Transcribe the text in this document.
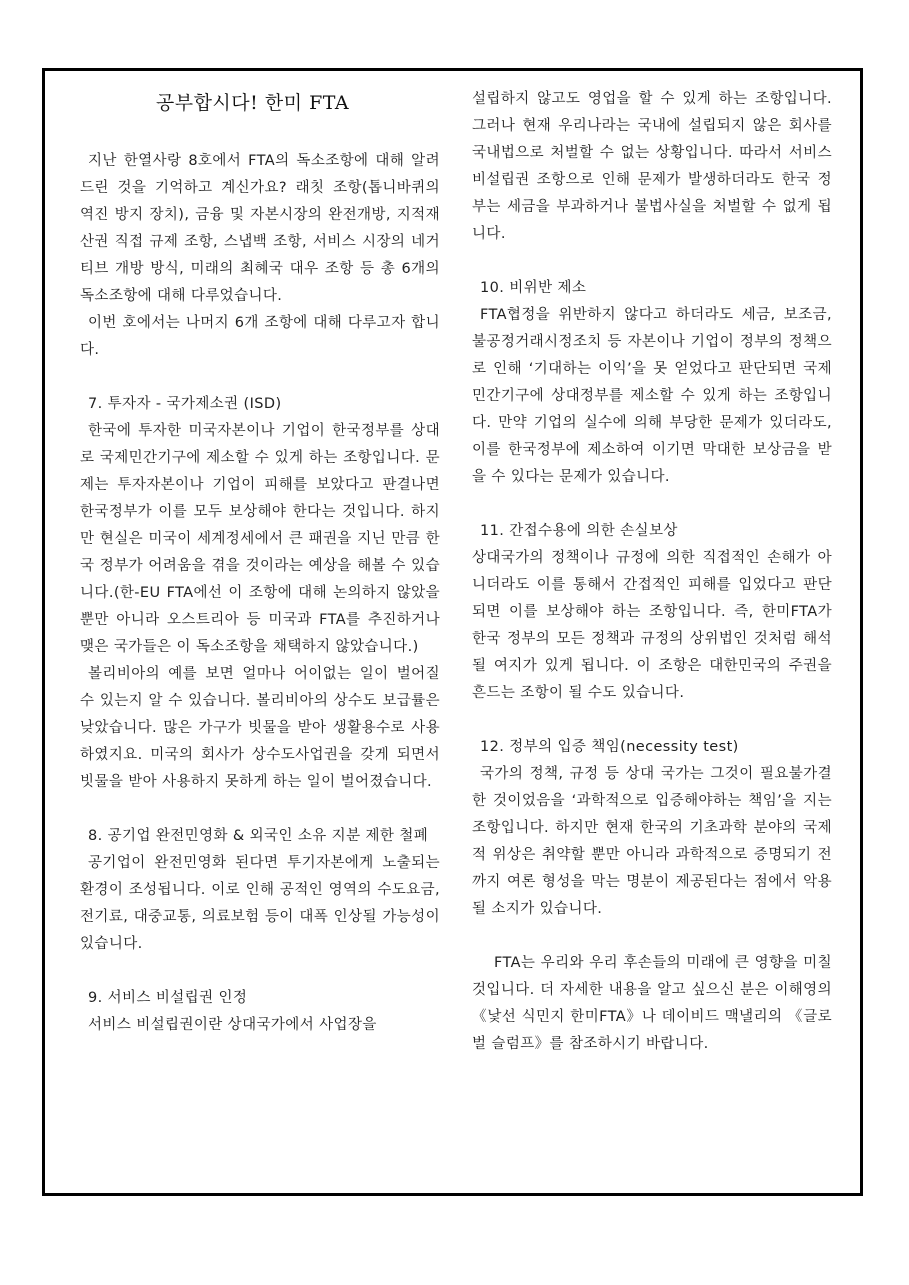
공부합시다! 한미 FTA

지난 한열사랑 8호에서 FTA의 독소조항에 대해 알려드린 것을 기억하고 계신가요? 래칫 조항(톱니바퀴의 역진 방지 장치), 금융 및 자본시장의 완전개방, 지적재산권 직접 규제 조항, 스냅백 조항, 서비스 시장의 네거티브 개방 방식, 미래의 최혜국 대우 조항 등 총 6개의 독소조항에 대해 다루었습니다.

이번 호에서는 나머지 6개 조항에 대해 다루고자 합니다.

7. 투자자 - 국가제소권 (ISD)

한국에 투자한 미국자본이나 기업이 한국정부를 상대로 국제민간기구에 제소할 수 있게 하는 조항입니다. 문제는 투자자본이나 기업이 피해를 보았다고 판결나면 한국정부가 이를 모두 보상해야 한다는 것입니다. 하지만 현실은 미국이 세계정세에서 큰 패권을 지닌 만큼 한국 정부가 어려움을 겪을 것이라는 예상을 해볼 수 있습니다.(한-EU FTA에선 이 조항에 대해 논의하지 않았을 뿐만 아니라 오스트리아 등 미국과 FTA를 추진하거나 맺은 국가들은 이 독소조항을 채택하지 않았습니다.)

볼리비아의 예를 보면 얼마나 어이없는 일이 벌어질 수 있는지 알 수 있습니다. 볼리비아의 상수도 보급률은 낮았습니다. 많은 가구가 빗물을 받아 생활용수로 사용하였지요. 미국의 회사가 상수도사업권을 갖게 되면서 빗물을 받아 사용하지 못하게 하는 일이 벌어졌습니다.

8. 공기업 완전민영화 & 외국인 소유 지분 제한 철폐

공기업이 완전민영화 된다면 투기자본에게 노출되는 환경이 조성됩니다. 이로 인해 공적인 영역의 수도요금, 전기료, 대중교통, 의료보험 등이 대폭 인상될 가능성이 있습니다.

9. 서비스 비설립권 인정

서비스 비설립권이란 상대국가에서 사업장을

설립하지 않고도 영업을 할 수 있게 하는 조항입니다. 그러나 현재 우리나라는 국내에 설립되지 않은 회사를 국내법으로 처벌할 수 없는 상황입니다. 따라서 서비스 비설립권 조항으로 인해 문제가 발생하더라도 한국 정부는 세금을 부과하거나 불법사실을 처벌할 수 없게 됩니다.

10. 비위반 제소

FTA협정을 위반하지 않다고 하더라도 세금, 보조금, 불공정거래시정조치 등 자본이나 기업이 정부의 정책으로 인해 ‘기대하는 이익’을 못 얻었다고 판단되면 국제민간기구에 상대정부를 제소할 수 있게 하는 조항입니다. 만약 기업의 실수에 의해 부당한 문제가 있더라도, 이를 한국정부에 제소하여 이기면 막대한 보상금을 받을 수 있다는 문제가 있습니다.

11. 간접수용에 의한 손실보상

상대국가의 정책이나 규정에 의한 직접적인 손해가 아니더라도 이를 통해서 간접적인 피해를 입었다고 판단되면 이를 보상해야 하는 조항입니다. 즉, 한미FTA가 한국 정부의 모든 정책과 규정의 상위법인 것처럼 해석될 여지가 있게 됩니다. 이 조항은 대한민국의 주권을 흔드는 조항이 될 수도 있습니다.

12. 정부의 입증 책임(necessity test)

국가의 정책, 규정 등 상대 국가는 그것이 필요불가결한 것이었음을 ‘과학적으로 입증해야하는 책임’을 지는 조항입니다. 하지만 현재 한국의 기초과학 분야의 국제적 위상은 취약할 뿐만 아니라 과학적으로 증명되기 전까지 여론 형성을 막는 명분이 제공된다는 점에서 악용될 소지가 있습니다.

FTA는 우리와 우리 후손들의 미래에 큰 영향을 미칠 것입니다. 더 자세한 내용을 알고 싶으신 분은 이해영의 《낯선 식민지 한미FTA》나 데이비드 맥낼리의 《글로벌 슬럼프》를 참조하시기 바랍니다.
